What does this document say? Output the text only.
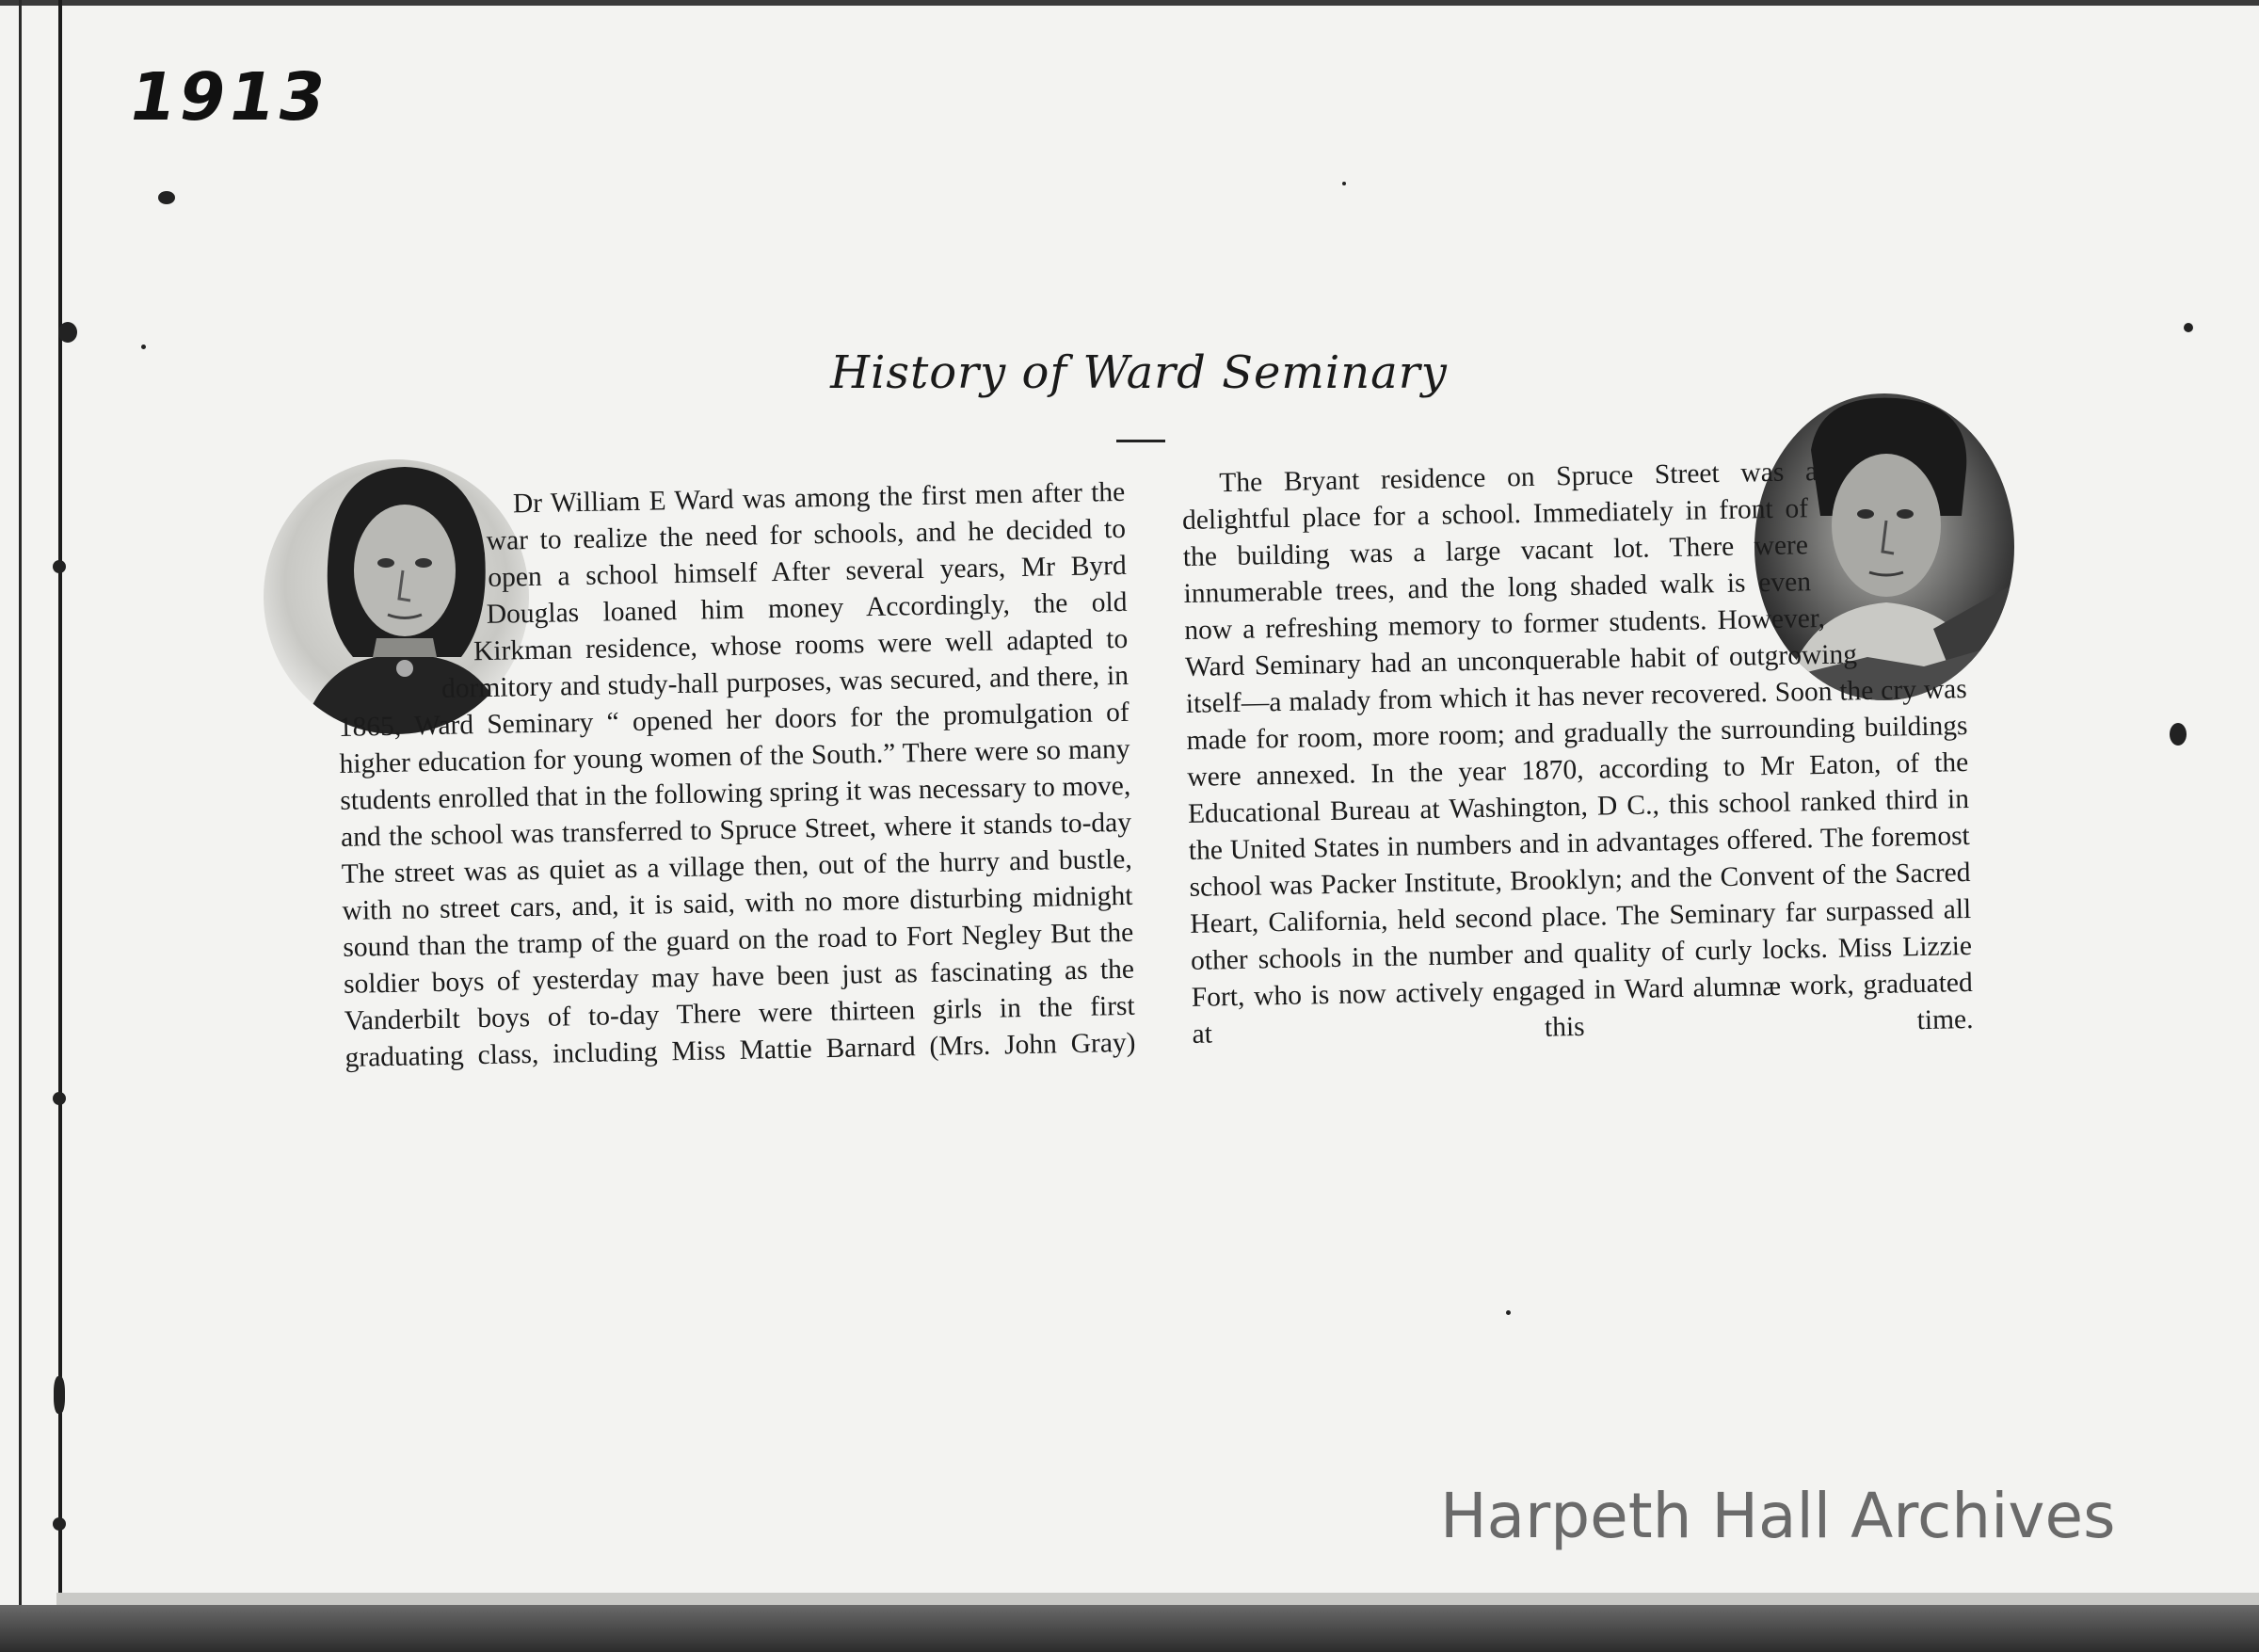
1913
History of Ward Seminary
Dr William E Ward was among the first men after the war to realize the need for schools, and he decided to open a school himself After several years, Mr Byrd Douglas loaned him money Accordingly, the old Kirkman residence, whose rooms were well adapted to dormitory and study-hall purposes, was secured, and there, in 1865, Ward Seminary “ opened her doors for the promulgation of higher education for young women of the South.” There were so many students enrolled that in the following spring it was necessary to move, and the school was transferred to Spruce Street, where it stands to-day The street was as quiet as a village then, out of the hurry and bustle, with no street cars, and, it is said, with no more disturbing midnight sound than the tramp of the guard on the road to Fort Negley But the soldier boys of yesterday may have been just as fascinating as the Vanderbilt boys of to-day There were thirteen girls in the first graduating class, including Miss Mattie Barnard (Mrs. John Gray)
The Bryant residence on Spruce Street was a delightful place for a school. Immediately in front of the building was a large vacant lot. There were innumerable trees, and the long shaded walk is even now a refreshing memory to former students. However, Ward Seminary had an unconquerable habit of outgrowing itself—a malady from which it has never recovered. Soon the cry was made for room, more room; and gradually the surrounding buildings were annexed. In the year 1870, according to Mr Eaton, of the Educational Bureau at Washington, D C., this school ranked third in the United States in numbers and in advantages offered. The foremost school was Packer Institute, Brooklyn; and the Convent of the Sacred Heart, California, held second place. The Seminary far surpassed all other schools in the number and quality of curly locks. Miss Lizzie Fort, who is now actively engaged in Ward alumnæ work, graduated at this time.
Harpeth Hall Archives
